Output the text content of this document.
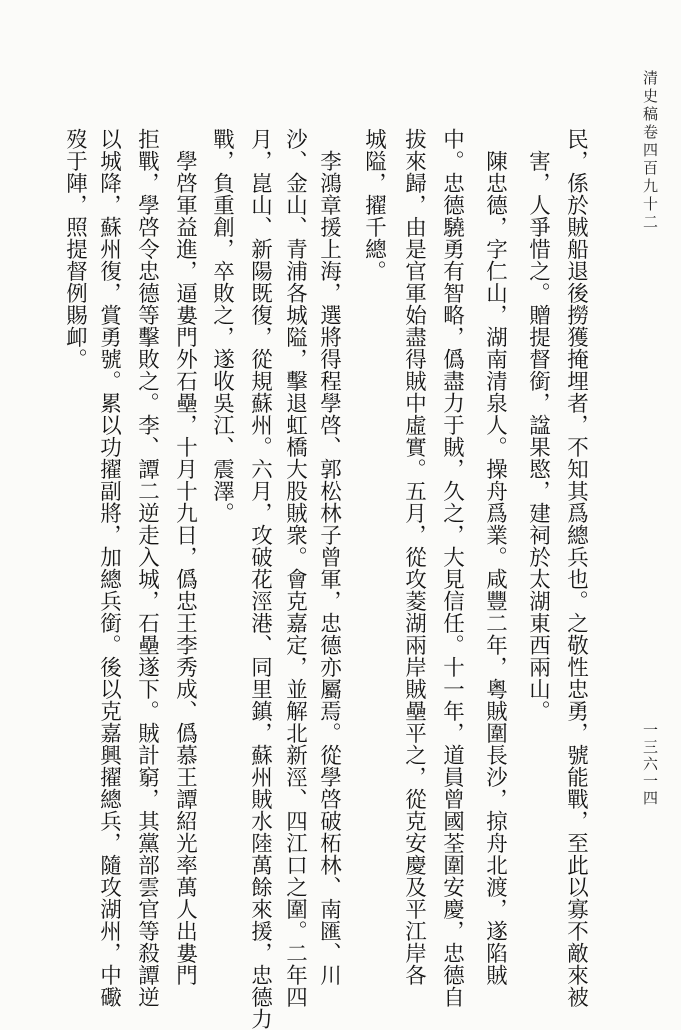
清史稿卷四百九十二
一三六一四
民，係於賊船退後撈獲掩埋者，不知其爲總兵也。之敬性忠勇，號能戰，至此以寡不敵來被
害，人爭惜之。贈提督銜，諡果愍，建祠於太湖東西兩山。
陳忠德，字仁山，湖南清泉人。操舟爲業。咸豐二年，粵賊圍長沙，掠舟北渡，遂陷賊
中。忠德驍勇有智略，僞盡力于賊，久之，大見信任。十一年，道員曾國荃圍安慶，忠德自
拔來歸，由是官軍始盡得賊中虛實。五月，從攻菱湖兩岸賊壘平之，從克安慶及平江岸各
城隘，擢千總。
李鴻章援上海，選將得程學啓、郭松林子曾軍，忠德亦屬焉。從學啓破柘林、南匯、川
沙、金山、青浦各城隘，擊退虹橋大股賊衆。會克嘉定，並解北新涇、四江口之圍。二年四
月，崑山、新陽既復，從規蘇州。六月，攻破花涇港、同里鎮，蘇州賊水陸萬餘來援，忠德力
戰，負重創，卒敗之，遂收吳江、震澤。
學啓軍益進，逼婁門外石壘，十月十九日，僞忠王李秀成、僞慕王譚紹光率萬人出婁門
拒戰，學啓令忠德等擊敗之。李、譚二逆走入城，石壘遂下。賊計窮，其黨部雲官等殺譚逆
以城降，蘇州復，賞勇號。累以功擢副將，加總兵銜。後以克嘉興擢總兵，隨攻湖州，中礮
歿于陣，照提督例賜卹。
